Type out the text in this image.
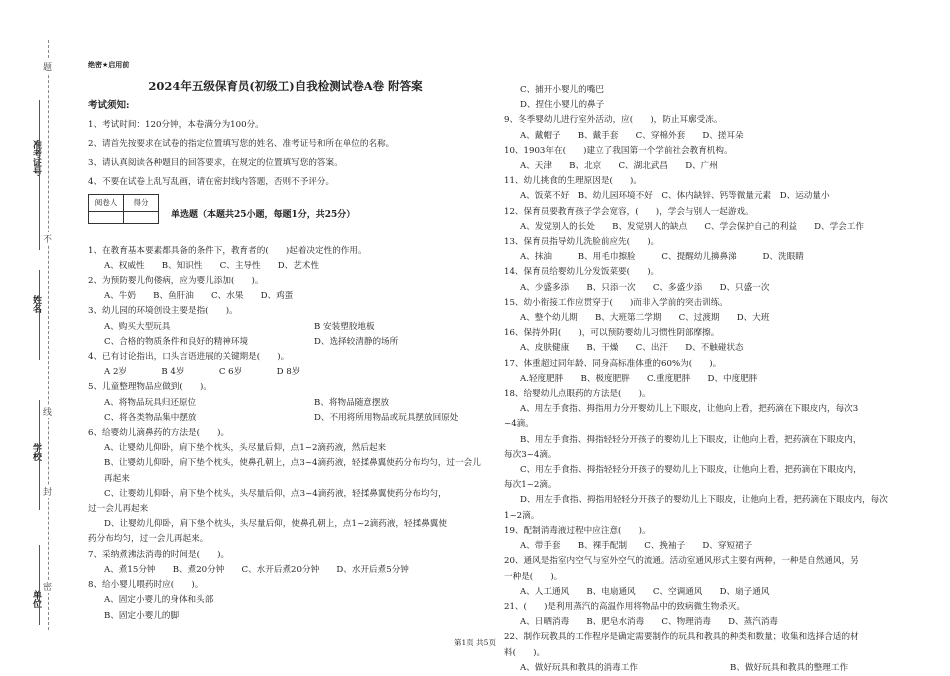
准考证号
姓名
学校
单位
题
不
线
封
密
绝密★启用前
2024年五级保育员(初级工)自我检测试卷A卷 附答案
考试须知:
1、考试时间：120分钟，本卷满分为100分。
2、请首先按要求在试卷的指定位置填写您的姓名、准考证号和所在单位的名称。
3、请认真阅读各种题目的回答要求，在规定的位置填写您的答案。
4、不要在试卷上乱写乱画，请在密封线内答题，否则不予评分。
阅卷人	得分

单选题（本题共25小题，每题1分，共25分）
1、在教育基本要素都具备的条件下，教育者的(　　)起着决定性的作用。
A、权威性　　B、知识性　　C、主导性　　D、艺术性
2、为预防婴儿佝偻病，应为婴儿添加(　　)。
A、牛奶　　B、鱼肝油　　C、水果　　D、鸡蛋
3、幼儿园的环境创设主要是指(　　)。
A、购买大型玩具	B 安装塑胶地板
C、合格的物质条件和良好的精神环境	D、选择较清静的场所
4、已有讨论指出，口头言语进展的关键期是(　　)。
A 2岁　　　　B 4岁　　　　C 6岁　　　　D 8岁
5、儿童整理物品应做到(　　)。
A、将物品玩具归还原位	B、将物品随意摆放
C、将各类物品集中摆放	D、不用将所用物品或玩具摆放回原处
6、给婴幼儿滴鼻药的方法是(　　)。
A、让婴幼儿仰卧，肩下垫个枕头，头尽量后仰，点1~2滴药液，然后起来
B、让婴幼儿仰卧，肩下垫个枕头，使鼻孔朝上，点3~4滴药液，轻揉鼻翼使药分布均匀，过一会儿再起来
C、让婴幼儿仰卧，肩下垫个枕头，头尽量后仰，点3~4滴药液，轻揉鼻翼使药分布均匀，
过一会儿再起来
D、让婴幼儿仰卧，肩下垫个枕头，头尽量后仰，使鼻孔朝上，点1~2滴药液，轻揉鼻翼使
药分布均匀，过一会儿再起来。
7、采纳煮沸法消毒的时间是(　　)。
A、煮15分钟　　B、煮20分钟　　C、水开后煮20分钟　　D、水开后煮5分钟
8、给小婴儿喂药时应(　　)。
A、固定小婴儿的身体和头部
B、固定小婴儿的脚
C、捕开小婴儿的嘴巴
D、捏住小婴儿的鼻子
9、冬季婴幼儿进行室外活动，应(　　)，防止耳廓受冻。
A、戴帽子　　B、戴手套　　C、穿棉外套　　D、搓耳朵
10、1903年在(　　)建立了我国第一个学前社会教育机构。
A、天津　　B、北京　　C、湖北武昌　　D、广州
11、幼儿挑食的生理原因是(　　)。
A、饭菜不好　B、幼儿园环境不好　C、体内缺锌、钙等微量元素　D、运动量小
12、保育员要教育孩子学会宽容，(　　)，学会与别人一起游戏。
A、发觉别人的长处　　B、发觉别人的缺点　　C、学会保护自己的利益　　D、学会工作
13、保育员指导幼儿洗脸前应先(　　)。
A、抹油　　　B、用毛巾擦脸　　　C、提醒幼儿擤鼻涕　　　D、洗眼睛
14、保育员给婴幼儿分发饭菜要(　　)。
A、少盛多添　　B、只添一次　　C、多盛少添　　D、只盛一次
15、幼小衔接工作应贯穿于(　　)而非入学前的突击训练。
A、整个幼儿期　　B、大班第二学期　　C、过渡期　　D、大班
16、保持外阴(　　)，可以预防婴幼儿习惯性阴部摩擦。
A、皮肤健康　　B、干燥　　C、出汗　　D、不触碰状态
17、体重超过同年龄、同身高标准体重的60%为(　　)。
A.轻度肥胖　　B、极度肥胖　　C.重度肥胖　　D、中度肥胖
18、给婴幼儿点眼药的方法是(　　)。
A、用左手食指、拇指用力分开婴幼儿上下眼皮，让他向上看，把药滴在下眼皮内，每次3
~4滴。
B、用左手食指、拇指轻轻分开孩子的婴幼儿上下眼皮，让他向上看，把药滴在下眼皮内，
每次3~4滴。
C、用左手食指、拇指轻轻分开孩子的婴幼儿上下眼皮，让他向上看，把药滴在下眼皮内，
每次1~2滴。
D、用左手食指、拇指用轻轻分开孩子的婴幼儿上下眼皮，让他向上看，把药滴在下眼皮内，每次
1~2滴。
19、配制消毒液过程中应注意(　　)。
A、带手套　　B、裸手配制　　C、挽袖子　　D、穿短裙子
20、通风是指室内空气与室外空气的流通。活动室通风形式主要有两种，一种是自然通风，另
一种是(　　)。
A、人工通风　　B、电扇通风　　C、空调通风　　D、扇子通风
21、(　　)是利用蒸汽的高温作用将物品中的致病微生物杀灭。
A、日晒消毒　　B、肥皂水消毒　　C、物理消毒　　D、蒸汽消毒
22、制作玩教具的工作程序是确定需要制作的玩具和教具的种类和数量；收集和选择合适的材
料(　　)。
A、做好玩具和教具的消毒工作	B、做好玩具和教具的整理工作
第1页 共5页
